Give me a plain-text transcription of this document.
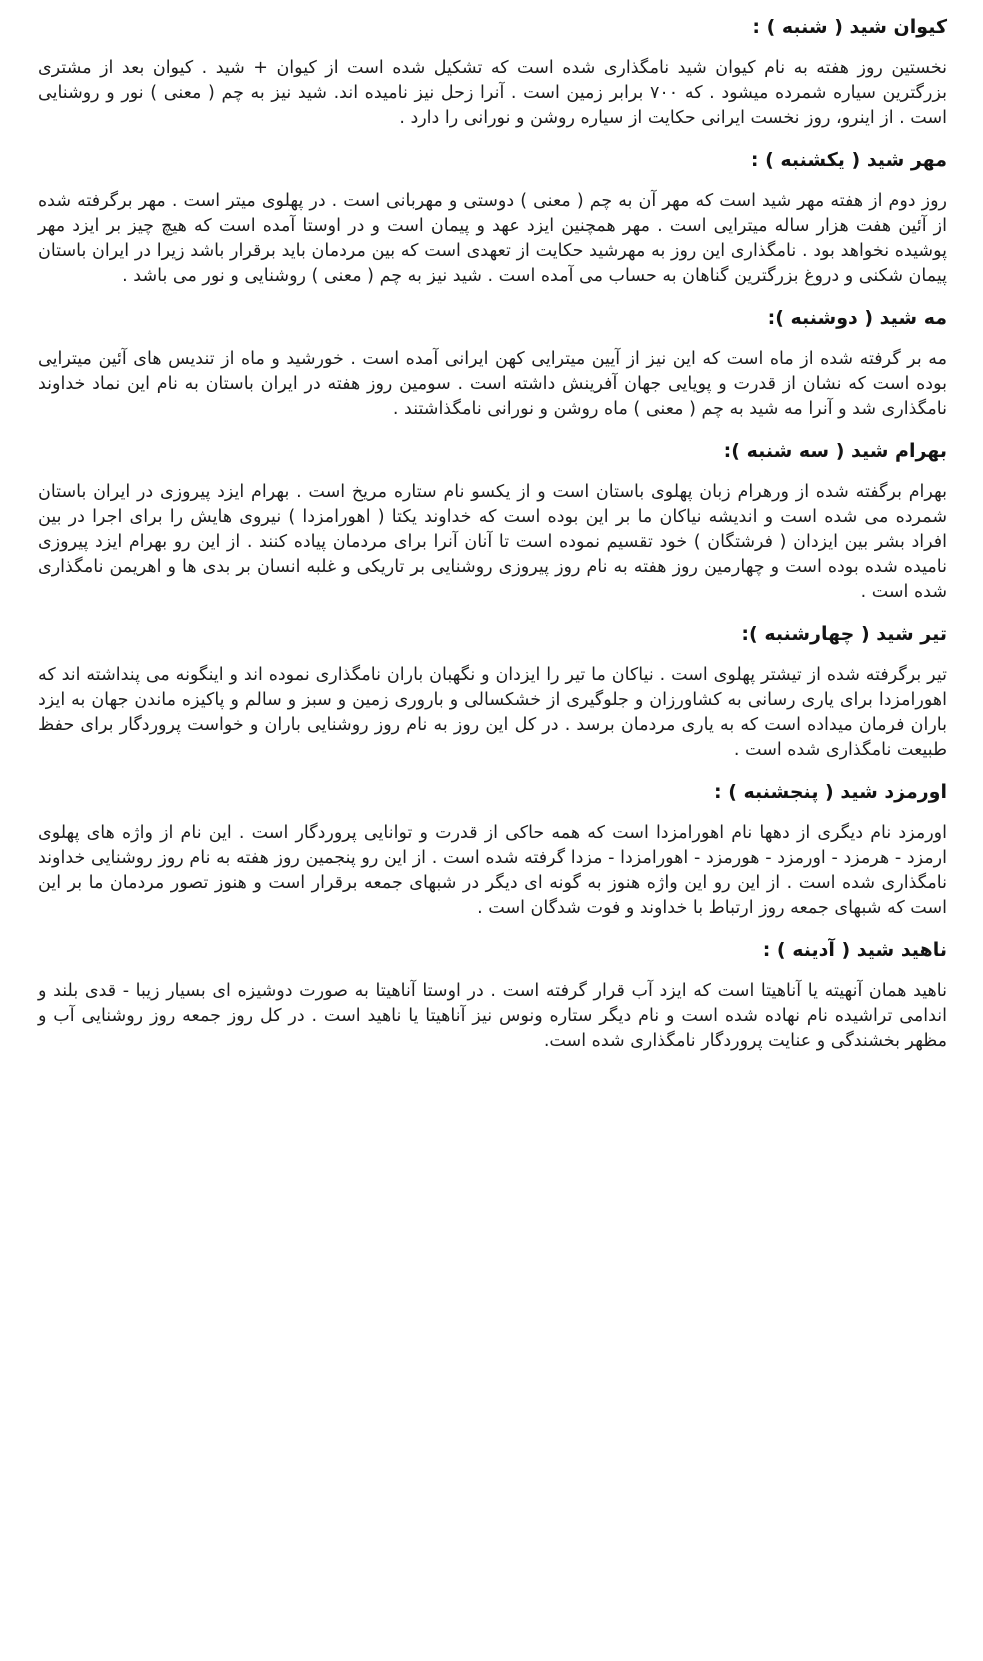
کیوان شید ( شنبه ) :

نخستین روز هفته به نام کیوان شید نامگذاری شده است که تشکیل شده است از کیوان + شید . کیوان بعد از مشتری بزرگترین سیاره شمرده میشود . که ۷۰۰ برابر زمین است . آنرا زحل نیز نامیده اند. شید نیز به چم ( معنی ) نور و روشنایی است . از اینرو، روز نخست ایرانی حکایت از سیاره روشن و نورانی را دارد .

مهر شید ( یکشنبه ) :

روز دوم از هفته مهر شید است که مهر آن به چم ( معنی ) دوستی و مهربانی است . در پهلوی میتر است . مهر برگرفته شده از آئین هفت هزار ساله میترایی است . مهر همچنین ایزد عهد و پیمان است و در اوستا آمده است که هیچ چیز بر ایزد مهر پوشیده نخواهد بود . نامگذاری این روز به مهرشید حکایت از تعهدی است که بین مردمان باید برقرار باشد زیرا در ایران باستان پیمان شکنی و دروغ بزرگترین گناهان به حساب می آمده است . شید نیز به چم ( معنی ) روشنایی و نور می باشد .

مه شید ( دوشنبه ):

مه بر گرفته شده از ماه است که این نیز از آیین میترایی کهن ایرانی آمده است . خورشید و ماه از تندیس های آئین میترایی بوده است که نشان از قدرت و پویایی جهان آفرینش داشته است . سومین روز هفته در ایران باستان به نام این نماد خداوند نامگذاری شد و آنرا مه شید به چم ( معنی ) ماه روشن و نورانی نامگذاشتند .

بهرام شید ( سه شنبه ):

بهرام برگفته شده از ورهرام زبان پهلوی باستان است و از یکسو نام ستاره مریخ است . بهرام ایزد پیروزی در ایران باستان شمرده می شده است و اندیشه نیاکان ما بر این بوده است که خداوند یکتا ( اهورامزدا ) نیروی هایش را برای اجرا در بین افراد بشر بین ایزدان ( فرشتگان ) خود تقسیم نموده است تا آنان آنرا برای مردمان پیاده کنند . از این رو بهرام ایزد پیروزی نامیده شده بوده است و چهارمین روز هفته به نام روز پیروزی روشنایی بر تاریکی و غلبه انسان بر بدی ها و اهریمن نامگذاری شده است .

تیر شید ( چهارشنبه ):

تیر برگرفته شده از تیشتر پهلوی است . نیاکان ما تیر را ایزدان و نگهبان باران نامگذاری نموده اند و اینگونه می پنداشته اند که اهورامزدا برای یاری رسانی به کشاورزان و جلوگیری از خشکسالی و باروری زمین و سبز و سالم و پاکیزه ماندن جهان به ایزد باران فرمان میداده است که به یاری مردمان برسد . در کل این روز به نام روز روشنایی باران و خواست پروردگار برای حفظ طبیعت نامگذاری شده است .

اورمزد شید ( پنجشنبه ) :

اورمزد نام دیگری از دهها نام اهورامزدا است که همه حاکی از قدرت و توانایی پروردگار است . این نام از واژه های پهلوی ارمزد - هرمزد - اورمزد - هورمزد - اهورامزدا - مزدا گرفته شده است . از این رو پنجمین روز هفته به نام روز روشنایی خداوند نامگذاری شده است . از این رو این واژه هنوز به گونه ای دیگر در شبهای جمعه برقرار است و هنوز تصور مردمان ما بر این است که شبهای جمعه روز ارتباط با خداوند و فوت شدگان است .

ناهید شید ( آدینه ) :

ناهید همان آنهیته یا آناهیتا است که ایزد آب قرار گرفته است . در اوستا آناهیتا به صورت دوشیزه ای بسیار زیبا - قدی بلند و اندامی تراشیده نام نهاده شده است و نام دیگر ستاره ونوس نیز آناهیتا یا ناهید است . در کل روز جمعه روز روشنایی آب و مظهر بخشندگی و عنایت پروردگار نامگذاری شده است.
